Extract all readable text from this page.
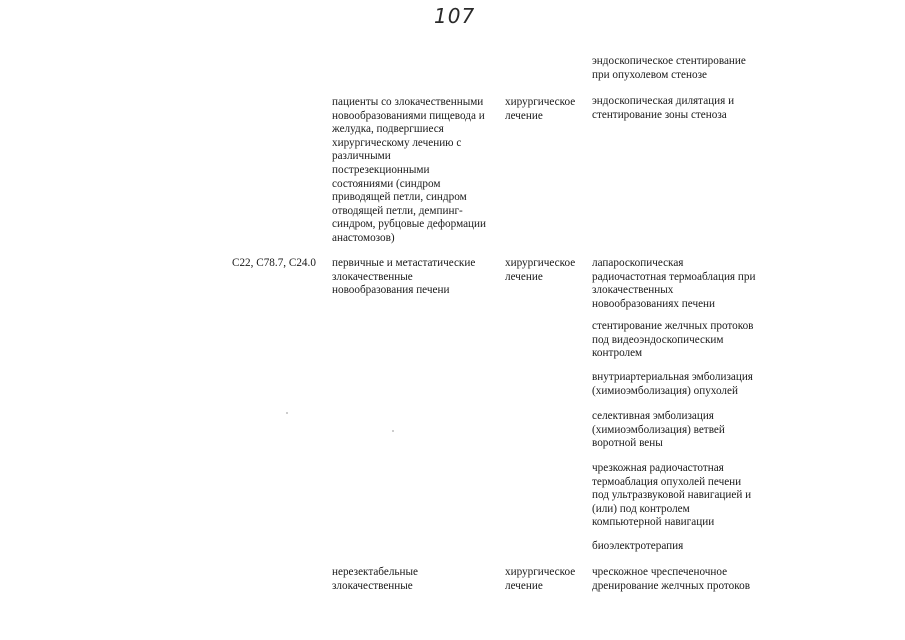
107
эндоскопическое стентирование
при опухолевом стенозе
пациенты со злокачественными
новообразованиями пищевода и
желудка, подвергшиеся
хирургическому лечению с
различными
пострезекционными
состояниями (синдром
приводящей петли, синдром
отводящей петли, демпинг-
синдром, рубцовые деформации
анастомозов)
хирургическое
лечение
эндоскопическая дилятация и
стентирование зоны стеноза
C22, C78.7, C24.0 первичные и метастатические
злокачественные
новообразования печени
хирургическое
лечение
лапароскопическая
радиочастотная термоаблация при
злокачественных
новообразованиях печени
стентирование желчных протоков
под видеоэндоскопическим
контролем
внутриартериальная эмболизация
(химиоэмболизация) опухолей
селективная эмболизация
(химиоэмболизация) ветвей
воротной вены
чрезкожная радиочастотная
термоаблация опухолей печени
под ультразвуковой навигацией и
(или) под контролем
компьютерной навигации
биоэлектротерапия
нерезектабельные
злокачественные
хирургическое
лечение
чрескожное чреспеченочное
дренирование желчных протоков
